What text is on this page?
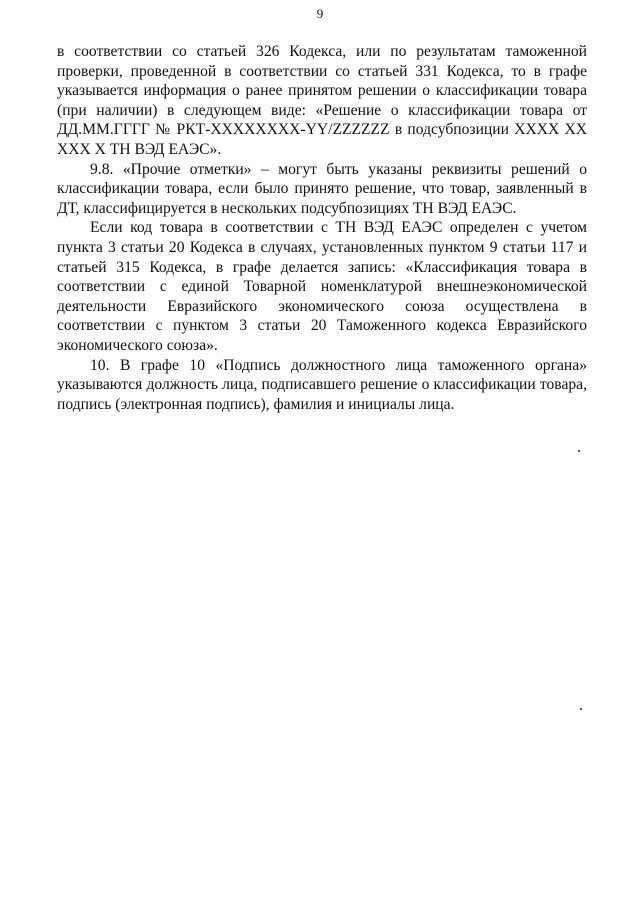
9

в соответствии со статьей 326 Кодекса, или по результатам таможенной проверки, проведенной в соответствии со статьей 331 Кодекса, то в графе указывается информация о ранее принятом решении о классификации товара (при наличии) в следующем виде: «Решение о классификации товара от ДД.ММ.ГГГГ № РКТ-ХХХХХХХХ-YY/ZZZZZZ в подсубпозиции ХХХХ ХХ ХХХ Х ТН ВЭД ЕАЭС».

9.8. «Прочие отметки» – могут быть указаны реквизиты решений о классификации товара, если было принято решение, что товар, заявленный в ДТ, классифицируется в нескольких подсубпозициях ТН ВЭД ЕАЭС.

Если код товара в соответствии с ТН ВЭД ЕАЭС определен с учетом пункта 3 статьи 20 Кодекса в случаях, установленных пунктом 9 статьи 117 и статьей 315 Кодекса, в графе делается запись: «Классификация товара в соответствии с единой Товарной номенклатурой внешнеэкономической деятельности Евразийского экономического союза осуществлена в соответствии с пунктом 3 статьи 20 Таможенного кодекса Евразийского экономического союза».

10. В графе 10 «Подпись должностного лица таможенного органа» указываются должность лица, подписавшего решение о классификации товара, подпись (электронная подпись), фамилия и инициалы лица.
